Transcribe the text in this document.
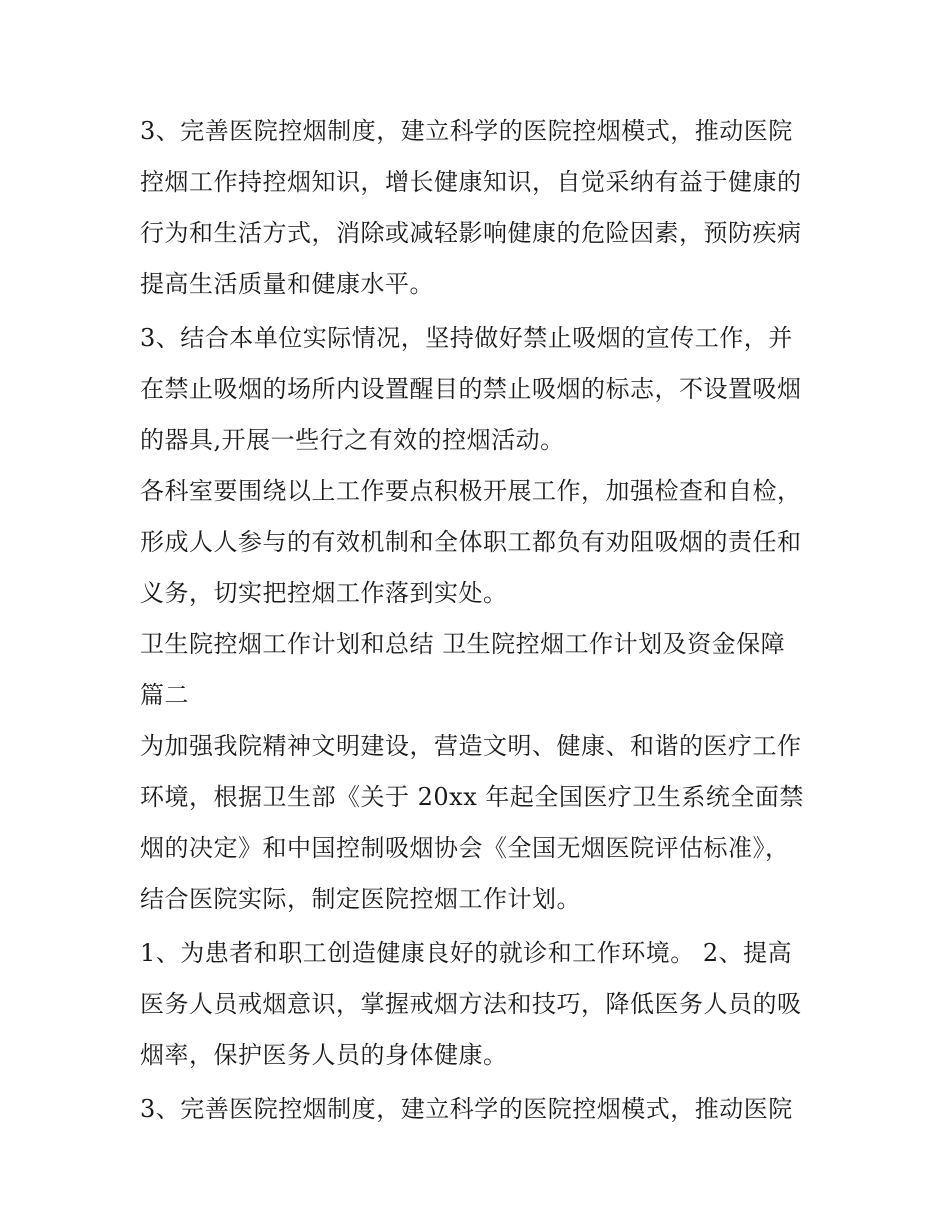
3、完善医院控烟制度，建立科学的医院控烟模式，推动医院
控烟工作持控烟知识，增长健康知识，自觉采纳有益于健康的
行为和生活方式，消除或减轻影响健康的危险因素，预防疾病
提高生活质量和健康水平。
3、结合本单位实际情况，坚持做好禁止吸烟的宣传工作，并
在禁止吸烟的场所内设置醒目的禁止吸烟的标志，不设置吸烟
的器具,开展一些行之有效的控烟活动。
各科室要围绕以上工作要点积极开展工作，加强检查和自检，
形成人人参与的有效机制和全体职工都负有劝阻吸烟的责任和
义务，切实把控烟工作落到实处。
卫生院控烟工作计划和总结 卫生院控烟工作计划及资金保障
篇二
为加强我院精神文明建设，营造文明、健康、和谐的医疗工作
环境，根据卫生部《关于 20xx 年起全国医疗卫生系统全面禁
烟的决定》和中国控制吸烟协会《全国无烟医院评估标准》，
结合医院实际，制定医院控烟工作计划。
1、为患者和职工创造健康良好的就诊和工作环境。 2、提高
医务人员戒烟意识，掌握戒烟方法和技巧，降低医务人员的吸
烟率，保护医务人员的身体健康。
3、完善医院控烟制度，建立科学的医院控烟模式，推动医院
